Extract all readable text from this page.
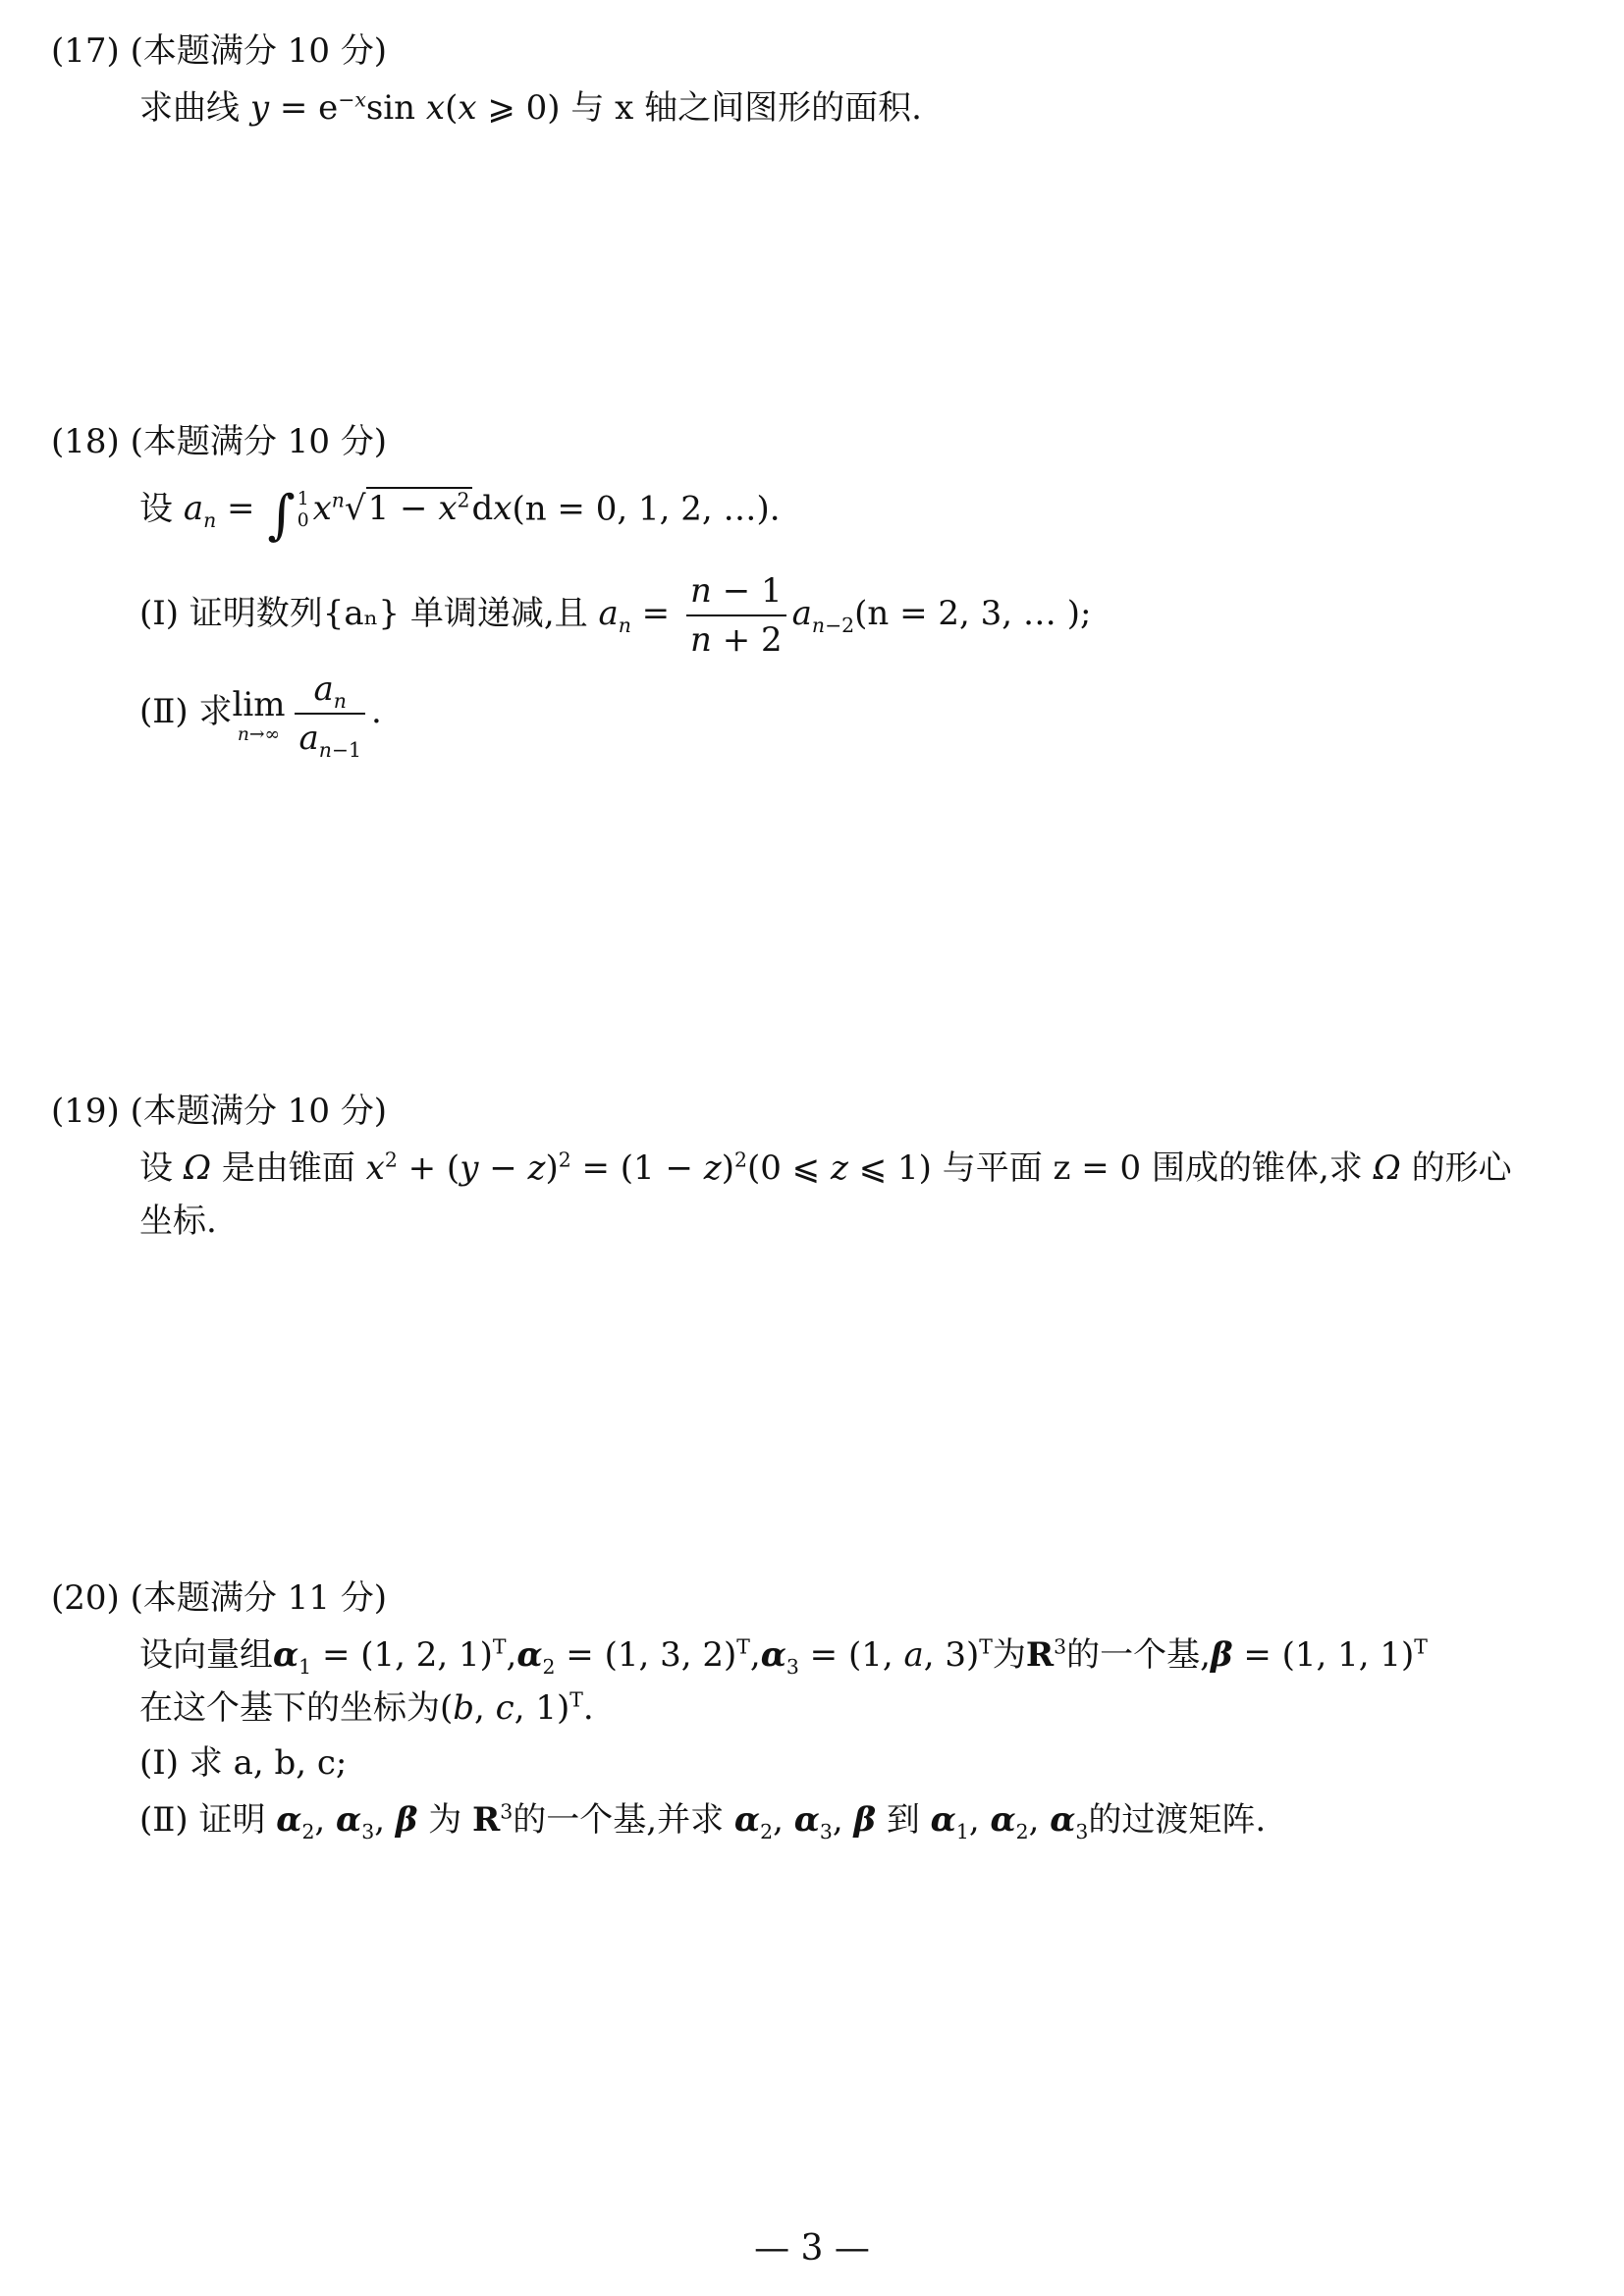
(17) (本题满分 10 分)
求曲线 $y = e^{-x}\sin$ x(x ⩾ 0) 与 x 轴之间图形的面积.
(18) (本题满分 10 分)
设 $a_n$ = ∫ 1
0 $x^n√1 - x^2dx(n = 0$, 1, 2, …).
(Ⅰ) 证明数列{aₙ} 单调递减,且 $a_n = \frac{n - 1}{n + 2} a_{n-2}(n = 2$, 3, … );
(Ⅱ) 求 lim
$n\to\infty \frac{a_n}{a_{n-1}}$ .
(19) (本题满分 10 分)
设 Ω 是由锥面 $x^2 + (y - z)^2 = (1 - z)^2(0$ ⩽ z ⩽ 1) 与平面 z = 0 围成的锥体,求 Ω 的形心
坐标.
(20) (本题满分 11 分)
设向量组$\alpha_1 = (1$, 2, $1)^T,\alpha_2 = (1$, 3, $2)^T,\alpha_3 = (1$, a, 3)$^T$为$R^3$的一个基,β = (1, 1, 1)$^T$
在这个基下的坐标为(b, c, 1)$^T$.
(Ⅰ) 求 a, b, c;
(Ⅱ) 证明 $\alpha_2$, $\alpha_3$, β 为 $R^3$的一个基,并求 $\alpha_2$, $\alpha_3$, β 到 $\alpha_1$, $\alpha_2$, $\alpha_3$的过渡矩阵.
— 3 —
